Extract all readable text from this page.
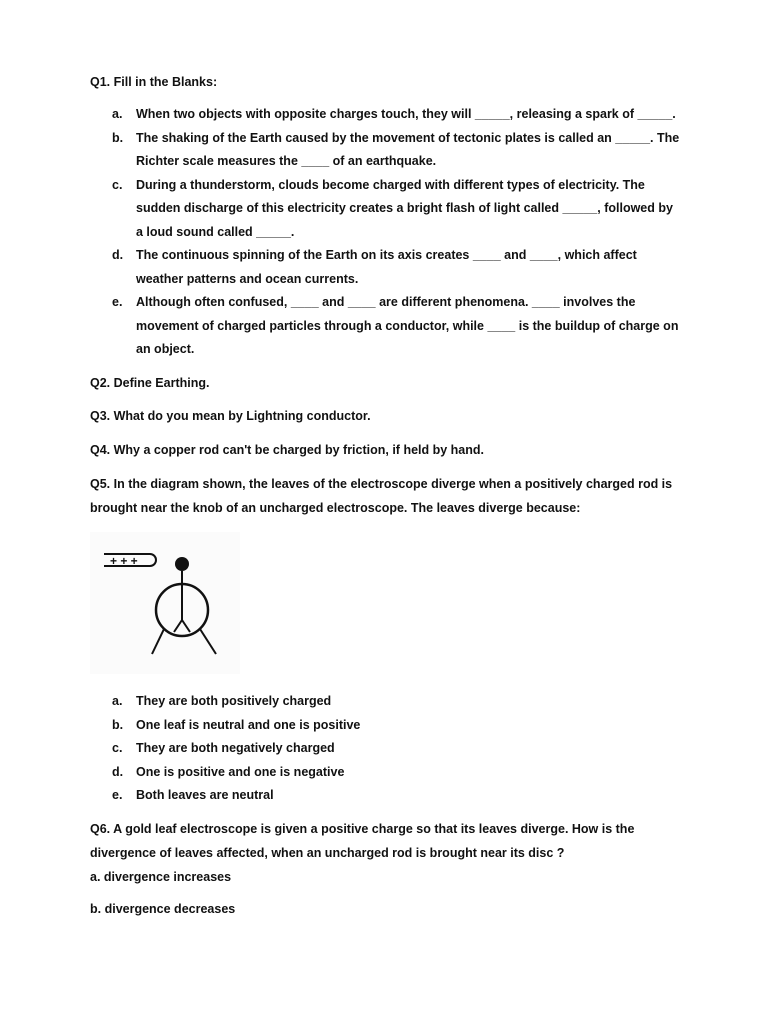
Q1. Fill in the Blanks:
a. When two objects with opposite charges touch, they will _____, releasing a spark of _____.
b. The shaking of the Earth caused by the movement of tectonic plates is called an _____. The Richter scale measures the ____ of an earthquake.
c. During a thunderstorm, clouds become charged with different types of electricity. The sudden discharge of this electricity creates a bright flash of light called _____, followed by a loud sound called _____.
d. The continuous spinning of the Earth on its axis creates ____ and ____, which affect weather patterns and ocean currents.
e. Although often confused, ____ and ____ are different phenomena. ____ involves the movement of charged particles through a conductor, while ____ is the buildup of charge on an object.
Q2. Define Earthing.
Q3. What do you mean by Lightning conductor.
Q4. Why a copper rod can't be charged by friction, if held by hand.
Q5. In the diagram shown, the leaves of the electroscope diverge when a positively charged rod is brought near the knob of an uncharged electroscope. The leaves diverge because:
+ + +
a. They are both positively charged
b. One leaf is neutral and one is positive
c. They are both negatively charged
d. One is positive and one is negative
e. Both leaves are neutral
Q6. A gold leaf electroscope is given a positive charge so that its leaves diverge. How is the divergence of leaves affected, when an uncharged rod is brought near its disc ?
a. divergence increases
b. divergence decreases
